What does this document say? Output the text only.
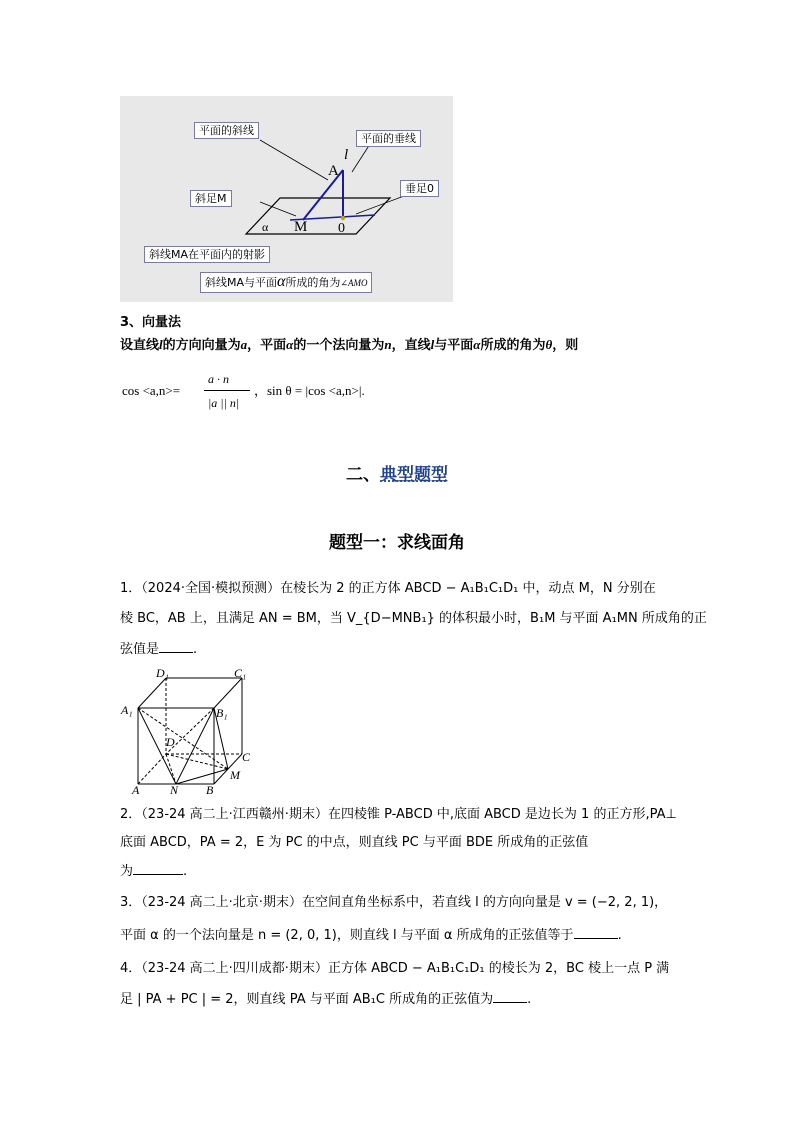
平面的斜线
平面的垂线
斜足M
垂足0
斜线MA在平面内的射影
斜线MA与平面α所成的角为∠AMO
A
l
M 0
α
3、向量法
设直线l的方向向量为a，平面α的一个法向量为n，直线l与平面α所成的角为θ，则
cos <a,n>=
a · n
|a || n|
，sin θ = |cos <a,n>|.
二、典型题型
题型一：求线面角
1．（2024·全国·模拟预测）在棱长为 2 的正方体 ABCD − A₁B₁C₁D₁ 中，动点 M，N 分别在
棱 BC，AB 上，且满足 AN = BM，当 V_{D−MNB₁} 的体积最小时，B₁M 与平面 A₁MN 所成角的正
弦值是	.
D₁	C₁
A₁	B₁
D
C
M
A	N B
2．（23-24 高二上·江西赣州·期末）在四棱锥 P-ABCD 中,底面 ABCD 是边长为 1 的正方形,PA⊥
底面 ABCD，PA = 2，E 为 PC 的中点，则直线 PC 与平面 BDE 所成角的正弦值
为	.
3．（23-24 高二上·北京·期末）在空间直角坐标系中，若直线 l 的方向向量是 v = (−2, 2, 1)，
平面 α 的一个法向量是 n = (2, 0, 1)，则直线 l 与平面 α 所成角的正弦值等于	.
4．（23-24 高二上·四川成都·期末）正方体 ABCD − A₁B₁C₁D₁ 的棱长为 2，BC 棱上一点 P 满
足 | PA + PC | = 2，则直线 PA 与平面 AB₁C 所成角的正弦值为	.
